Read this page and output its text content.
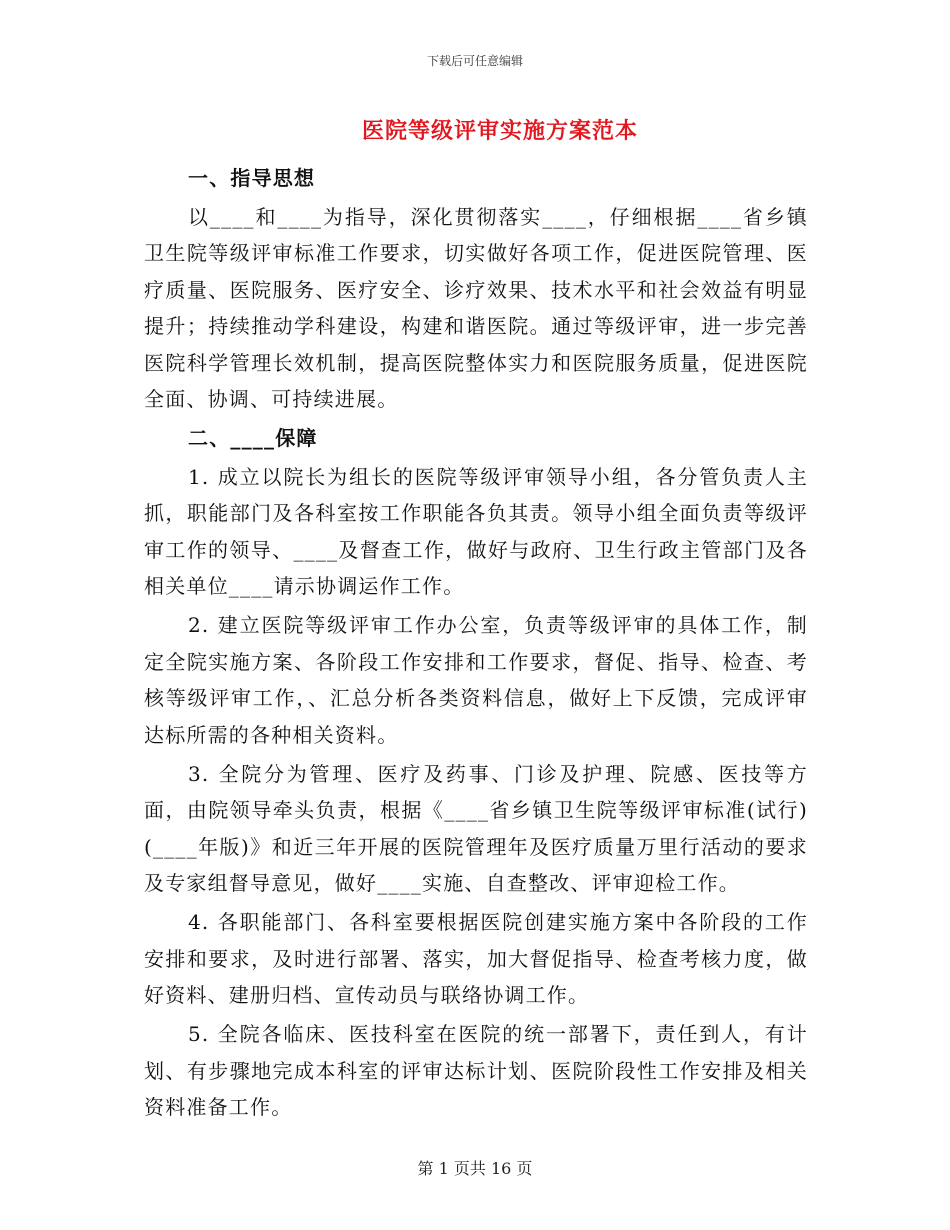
下载后可任意编辑
医院等级评审实施方案范本
一、指导思想

以____和____为指导，深化贯彻落实____，仔细根据____省乡镇卫生院等级评审标准工作要求，切实做好各项工作，促进医院管理、医疗质量、医院服务、医疗安全、诊疗效果、技术水平和社会效益有明显提升；持续推动学科建设，构建和谐医院。通过等级评审，进一步完善医院科学管理长效机制，提高医院整体实力和医院服务质量，促进医院全面、协调、可持续进展。

二、____保障

1. 成立以院长为组长的医院等级评审领导小组，各分管负责人主抓，职能部门及各科室按工作职能各负其责。领导小组全面负责等级评审工作的领导、____及督查工作，做好与政府、卫生行政主管部门及各相关单位____请示协调运作工作。

2. 建立医院等级评审工作办公室，负责等级评审的具体工作，制定全院实施方案、各阶段工作安排和工作要求，督促、指导、检查、考核等级评审工作，、汇总分析各类资料信息，做好上下反馈，完成评审达标所需的各种相关资料。

3. 全院分为管理、医疗及药事、门诊及护理、院感、医技等方面，由院领导牵头负责，根据《____省乡镇卫生院等级评审标准(试行)(____年版)》和近三年开展的医院管理年及医疗质量万里行活动的要求及专家组督导意见，做好____实施、自查整改、评审迎检工作。

4. 各职能部门、各科室要根据医院创建实施方案中各阶段的工作安排和要求，及时进行部署、落实，加大督促指导、检查考核力度，做好资料、建册归档、宣传动员与联络协调工作。

5. 全院各临床、医技科室在医院的统一部署下，责任到人，有计划、有步骤地完成本科室的评审达标计划、医院阶段性工作安排及相关资料准备工作。

第 1 页共 16 页
